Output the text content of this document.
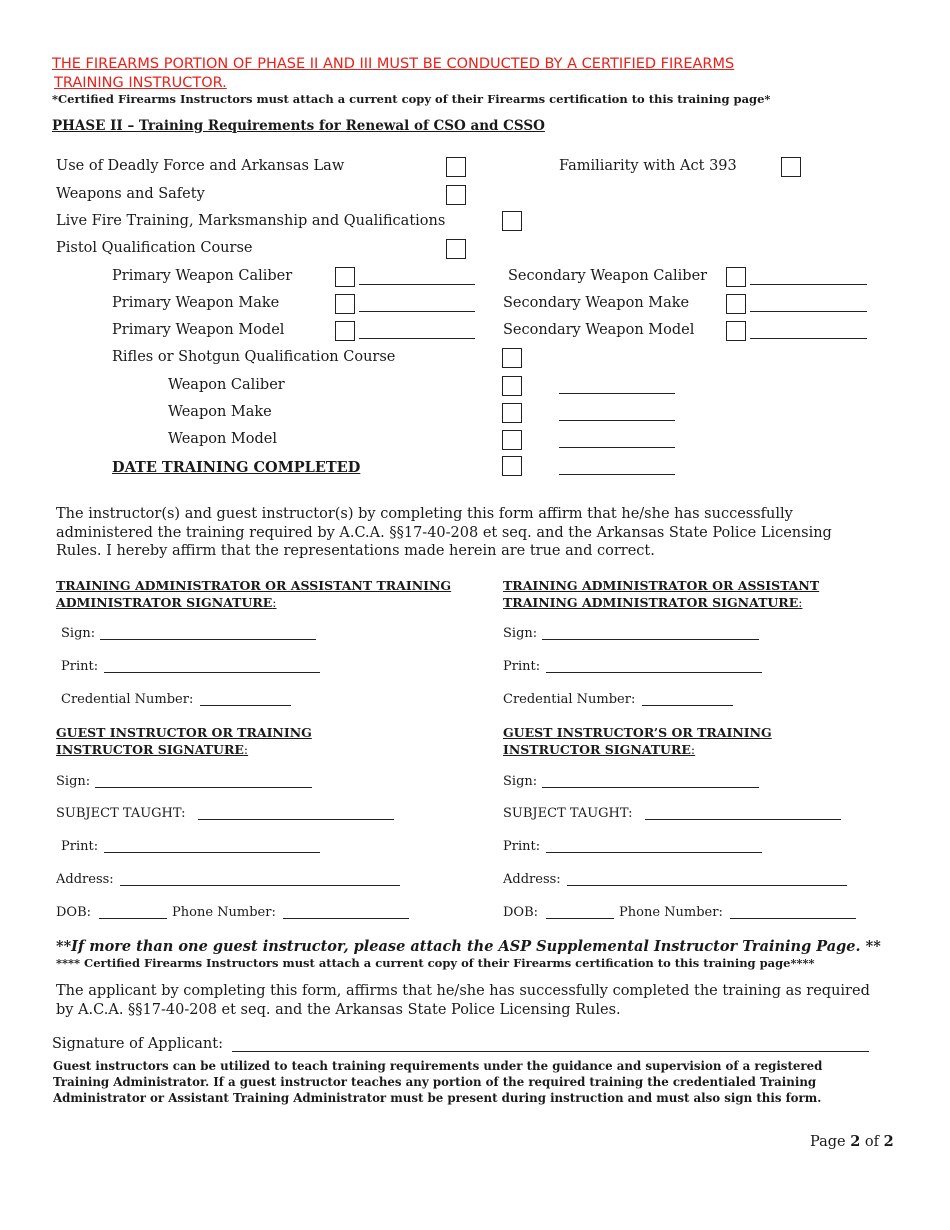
THE FIREARMS PORTION OF PHASE II AND III MUST BE CONDUCTED BY A CERTIFIED FIREARMS
TRAINING INSTRUCTOR.
*Certified Firearms Instructors must attach a current copy of their Firearms certification to this training page*
PHASE II – Training Requirements for Renewal of CSO and CSSO
Use of Deadly Force and Arkansas Law	Familiarity with Act 393
Weapons and Safety
Live Fire Training, Marksmanship and Qualifications
Pistol Qualification Course
Primary Weapon Caliber	Secondary Weapon Caliber
Primary Weapon Make	Secondary Weapon Make
Primary Weapon Model	Secondary Weapon Model
Rifles or Shotgun Qualification Course
Weapon Caliber
Weapon Make
Weapon Model
DATE TRAINING COMPLETED
The instructor(s) and guest instructor(s) by completing this form affirm that he/she has successfully
administered the training required by A.C.A. §§17-40-208 et seq. and the Arkansas State Police Licensing
Rules. I hereby affirm that the representations made herein are true and correct.
TRAINING ADMINISTRATOR OR ASSISTANT TRAINING
ADMINISTRATOR SIGNATURE:
Sign:
Print:
Credential Number:
GUEST INSTRUCTOR OR TRAINING
INSTRUCTOR SIGNATURE:
Sign:
SUBJECT TAUGHT:
Print:
Address:
DOB:	Phone Number:
TRAINING ADMINISTRATOR OR ASSISTANT
TRAINING ADMINISTRATOR SIGNATURE:
Sign:
Print:
Credential Number:
GUEST INSTRUCTOR’S OR TRAINING
INSTRUCTOR SIGNATURE:
Sign:
SUBJECT TAUGHT:
Print:
Address:
DOB:	Phone Number:
**If more than one guest instructor, please attach the ASP Supplemental Instructor Training Page. **
**** Certified Firearms Instructors must attach a current copy of their Firearms certification to this training page****
The applicant by completing this form, affirms that he/she has successfully completed the training as required
by A.C.A. §§17-40-208 et seq. and the Arkansas State Police Licensing Rules.
Signature of Applicant:
Guest instructors can be utilized to teach training requirements under the guidance and supervision of a registered
Training Administrator. If a guest instructor teaches any portion of the required training the credentialed Training
Administrator or Assistant Training Administrator must be present during instruction and must also sign this form.
Page 2 of 2
